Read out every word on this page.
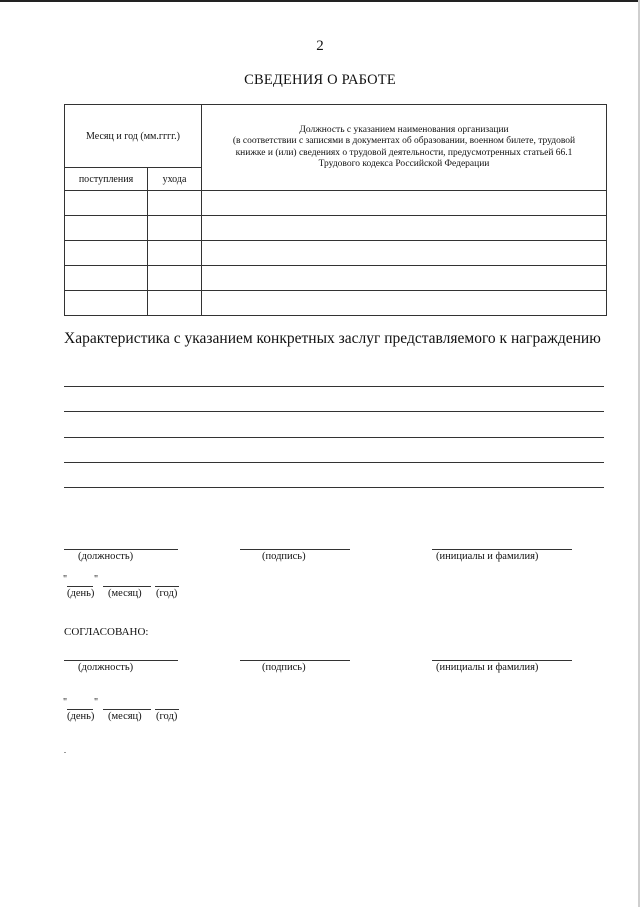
2
СВЕДЕНИЯ О РАБОТЕ
Месяц и год (мм.гггг.)		Должность с указанием наименования организации
(в соответствии с записями в документах об образовании, военном билете, трудовой
книжке и (или) сведениях о трудовой деятельности, предусмотренных статьей 66.1
Трудового кодекса Российской Федерации

поступления	ухода	

Характеристика с указанием конкретных заслуг представляемого к награждению
(должность)	(подпись)	(инициалы и фамилия)
"	"
(день) (месяц) (год)
СОГЛАСОВАНО:
(должность)	(подпись)	(инициалы и фамилия)
"	"
(день) (месяц) (год)
